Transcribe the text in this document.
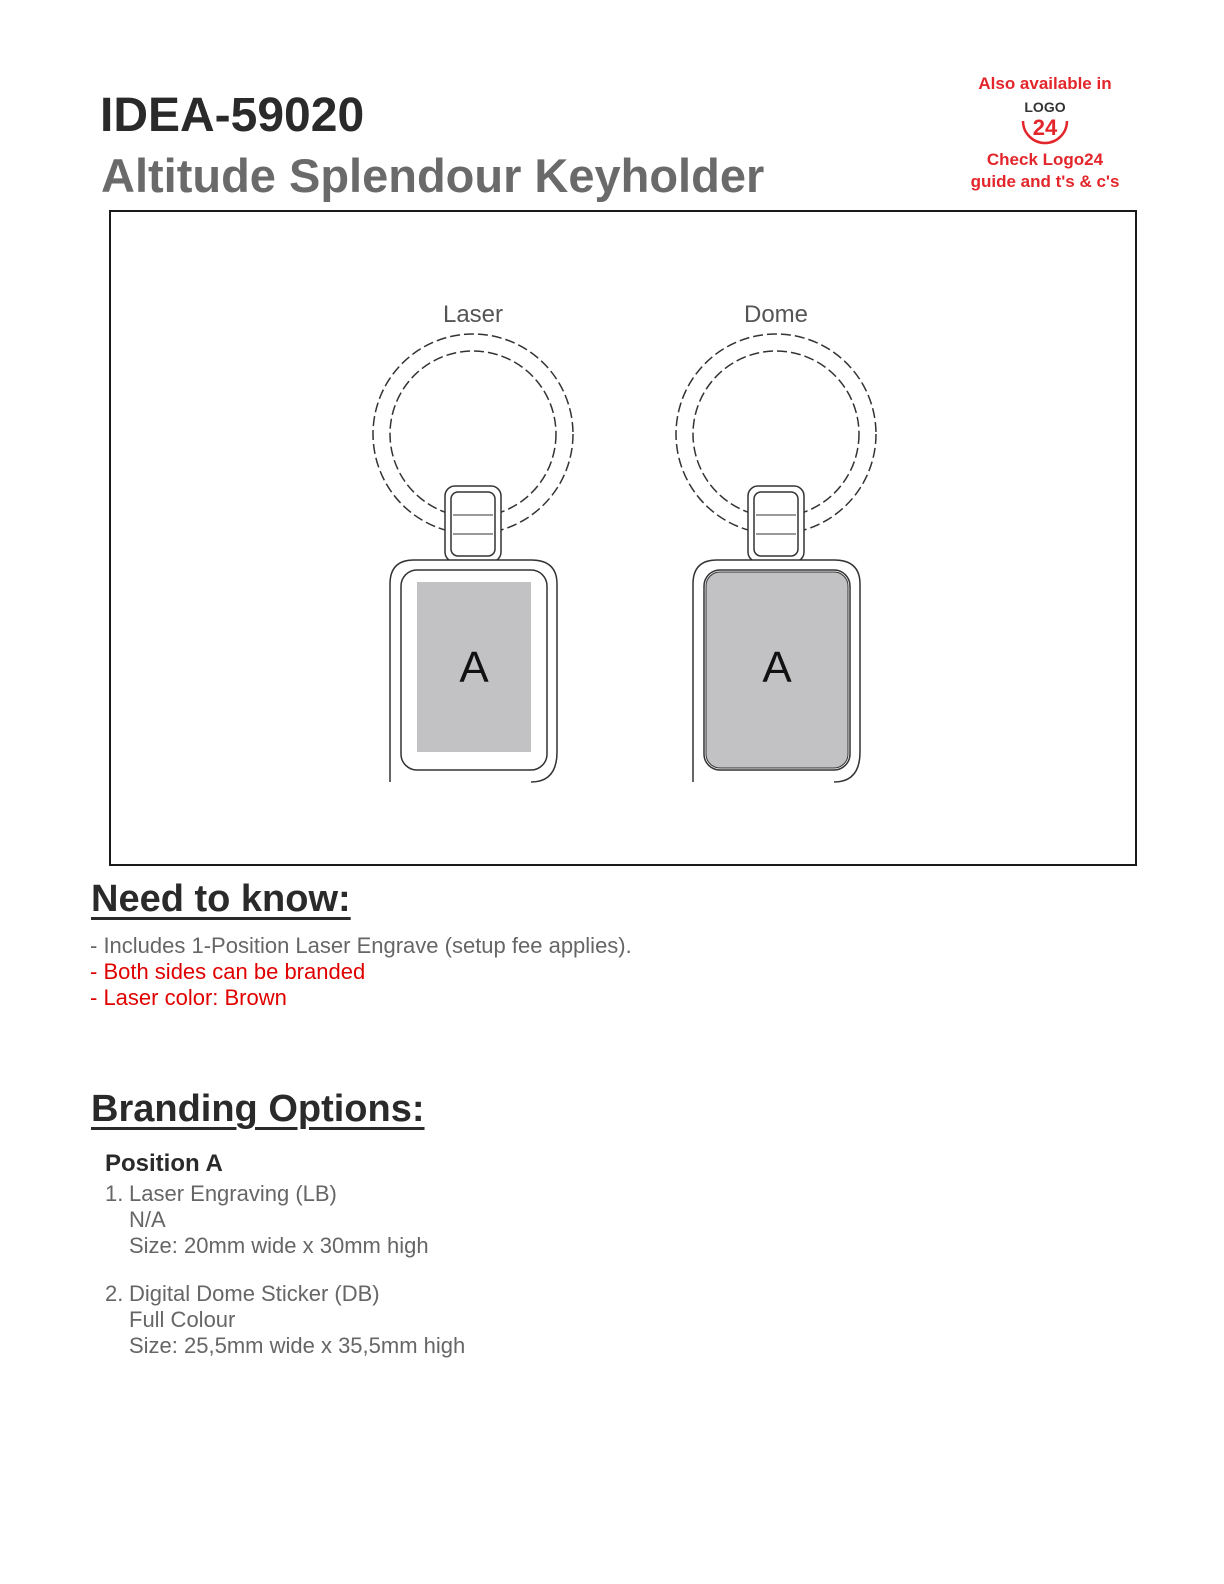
IDEA-59020
Altitude Splendour Keyholder
Also available in
LOGO
24
Check Logo24
guide and t's & c's
Laser
A
Dome
A
Need to know:
- Includes 1-Position Laser Engrave (setup fee applies).
- Both sides can be branded
- Laser color: Brown
Branding Options:
Position A
1. Laser Engraving (LB)
N/A
Size: 20mm wide x 30mm high
2. Digital Dome Sticker (DB)
Full Colour
Size: 25,5mm wide x 35,5mm high
